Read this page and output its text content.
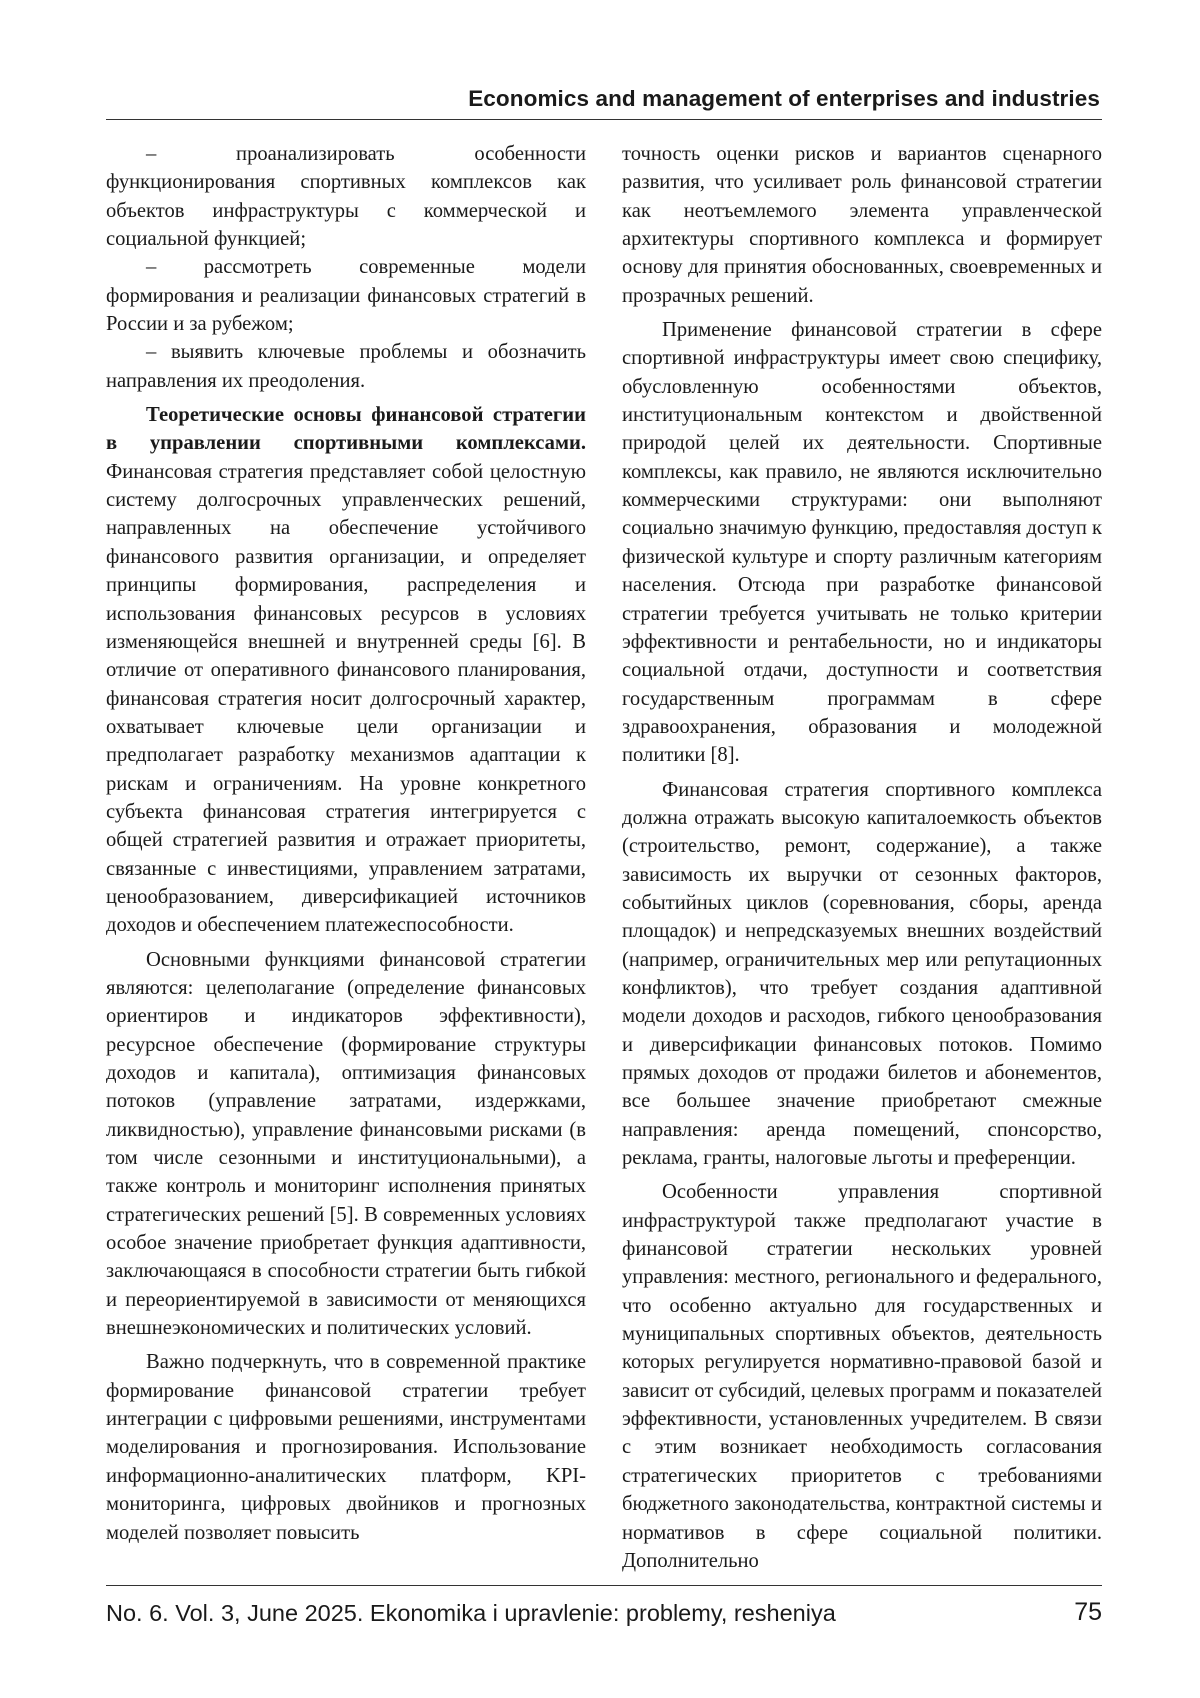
Economics and management of enterprises and industries

– проанализировать особенности функционирования спортивных комплексов как объектов инфраструктуры с коммерческой и социальной функцией;

– рассмотреть современные модели формирования и реализации финансовых стратегий в России и за рубежом;

– выявить ключевые проблемы и обозначить направления их преодоления.

Теоретические основы финансовой стратегии в управлении спортивными комплексами. Финансовая стратегия представляет собой целостную систему долгосрочных управленческих решений, направленных на обеспечение устойчивого финансового развития организации, и определяет принципы формирования, распределения и использования финансовых ресурсов в условиях изменяющейся внешней и внутренней среды [6]. В отличие от оперативного финансового планирования, финансовая стратегия носит долгосрочный характер, охватывает ключевые цели организации и предполагает разработку механизмов адаптации к рискам и ограничениям. На уровне конкретного субъекта финансовая стратегия интегрируется с общей стратегией развития и отражает приоритеты, связанные с инвестициями, управлением затратами, ценообразованием, диверсификацией источников доходов и обеспечением платежеспособности.

Основными функциями финансовой стратегии являются: целеполагание (определение финансовых ориентиров и индикаторов эффективности), ресурсное обеспечение (формирование структуры доходов и капитала), оптимизация финансовых потоков (управление затратами, издержками, ликвидностью), управление финансовыми рисками (в том числе сезонными и институциональными), а также контроль и мониторинг исполнения принятых стратегических решений [5]. В современных условиях особое значение приобретает функция адаптивности, заключающаяся в способности стратегии быть гибкой и переориентируемой в зависимости от меняющихся внешнеэкономических и политических условий.

Важно подчеркнуть, что в современной практике формирование финансовой стратегии требует интеграции с цифровыми решениями, инструментами моделирования и прогнозирования. Использование информационно-аналитических платформ, KPI-мониторинга, цифровых двойников и прогнозных моделей позволяет повысить

точность оценки рисков и вариантов сценарного развития, что усиливает роль финансовой стратегии как неотъемлемого элемента управленческой архитектуры спортивного комплекса и формирует основу для принятия обоснованных, своевременных и прозрачных решений.

Применение финансовой стратегии в сфере спортивной инфраструктуры имеет свою специфику, обусловленную особенностями объектов, институциональным контекстом и двойственной природой целей их деятельности. Спортивные комплексы, как правило, не являются исключительно коммерческими структурами: они выполняют социально значимую функцию, предоставляя доступ к физической культуре и спорту различным категориям населения. Отсюда при разработке финансовой стратегии требуется учитывать не только критерии эффективности и рентабельности, но и индикаторы социальной отдачи, доступности и соответствия государственным программам в сфере здравоохранения, образования и молодежной политики [8].

Финансовая стратегия спортивного комплекса должна отражать высокую капиталоемкость объектов (строительство, ремонт, содержание), а также зависимость их выручки от сезонных факторов, событийных циклов (соревнования, сборы, аренда площадок) и непредсказуемых внешних воздействий (например, ограничительных мер или репутационных конфликтов), что требует создания адаптивной модели доходов и расходов, гибкого ценообразования и диверсификации финансовых потоков. Помимо прямых доходов от продажи билетов и абонементов, все большее значение приобретают смежные направления: аренда помещений, спонсорство, реклама, гранты, налоговые льготы и преференции.

Особенности управления спортивной инфраструктурой также предполагают участие в финансовой стратегии нескольких уровней управления: местного, регионального и федерального, что особенно актуально для государственных и муниципальных спортивных объектов, деятельность которых регулируется нормативно-правовой базой и зависит от субсидий, целевых программ и показателей эффективности, установленных учредителем. В связи с этим возникает необходимость согласования стратегических приоритетов с требованиями бюджетного законодательства, контрактной системы и нормативов в сфере социальной политики. Дополнительно

No. 6. Vol. 3, June 2025. Ekonomika i upravlenie: problemy, resheniya	75
